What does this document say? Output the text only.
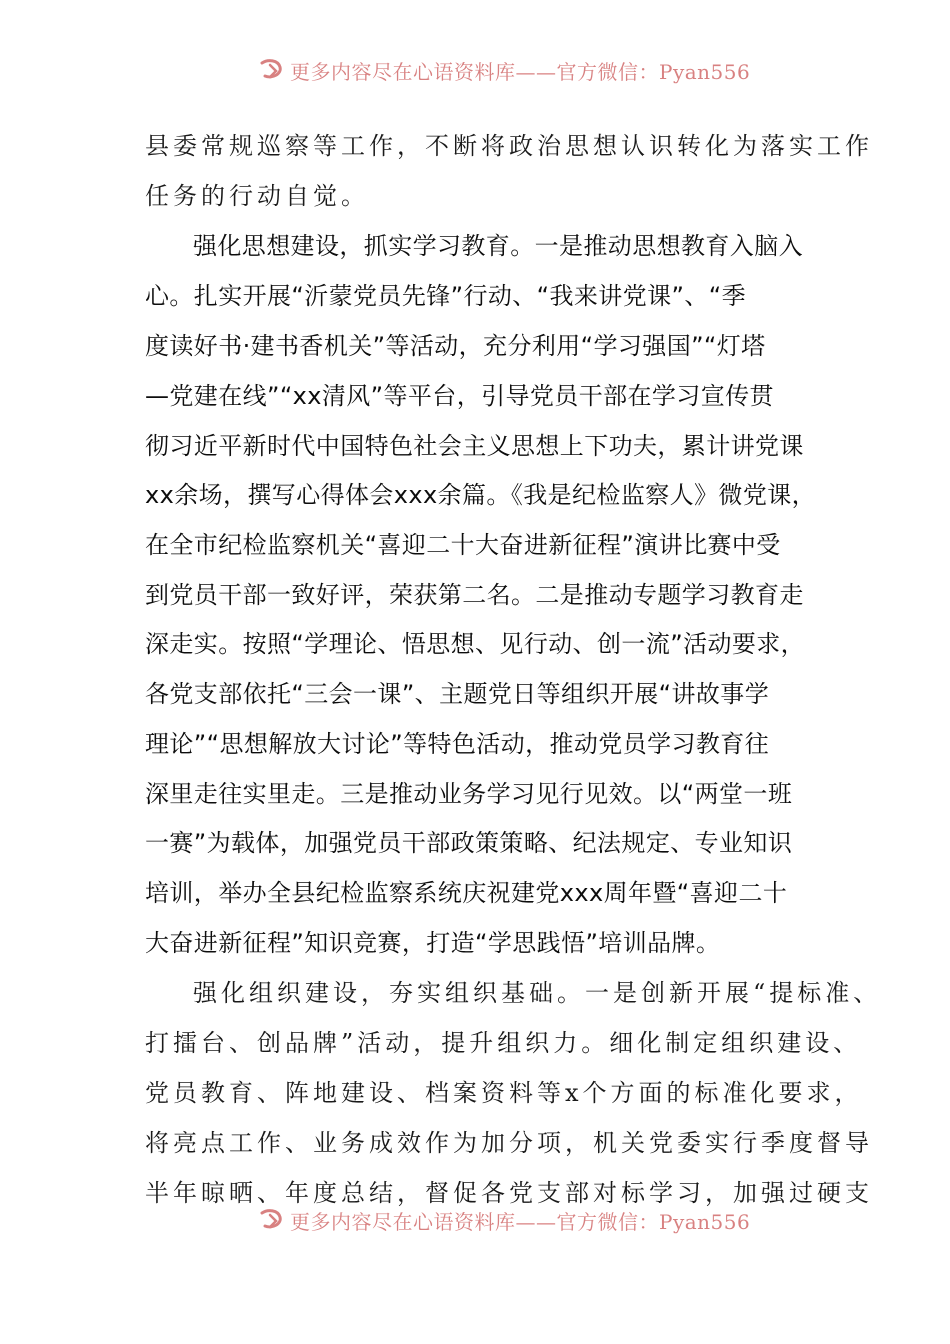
更多内容尽在心语资料库——官方微信：Pyan556
县委常规巡察等工作，不断将政治思想认识转化为落实工作
任务的行动自觉。
强化思想建设，抓实学习教育。一是推动思想教育入脑入
心。扎实开展“沂蒙党员先锋”行动、“我来讲党课”、“季
度读好书·建书香机关”等活动，充分利用“学习强国”“灯塔
—党建在线”“xx清风”等平台，引导党员干部在学习宣传贯
彻习近平新时代中国特色社会主义思想上下功夫，累计讲党课
xx余场，撰写心得体会xxx余篇。《我是纪检监察人》微党课，
在全市纪检监察机关“喜迎二十大奋进新征程”演讲比赛中受
到党员干部一致好评，荣获第二名。二是推动专题学习教育走
深走实。按照“学理论、悟思想、见行动、创一流”活动要求，
各党支部依托“三会一课”、主题党日等组织开展“讲故事学
理论”“思想解放大讨论”等特色活动，推动党员学习教育往
深里走往实里走。三是推动业务学习见行见效。以“两堂一班
一赛”为载体，加强党员干部政策策略、纪法规定、专业知识
培训，举办全县纪检监察系统庆祝建党xxx周年暨“喜迎二十
大奋进新征程”知识竞赛，打造“学思践悟”培训品牌。
强化组织建设，夯实组织基础。一是创新开展“提标准、
打擂台、创品牌”活动，提升组织力。细化制定组织建设、
党员教育、阵地建设、档案资料等x个方面的标准化要求，
将亮点工作、业务成效作为加分项，机关党委实行季度督导
半年晾晒、年度总结，督促各党支部对标学习，加强过硬支
更多内容尽在心语资料库——官方微信：Pyan556
